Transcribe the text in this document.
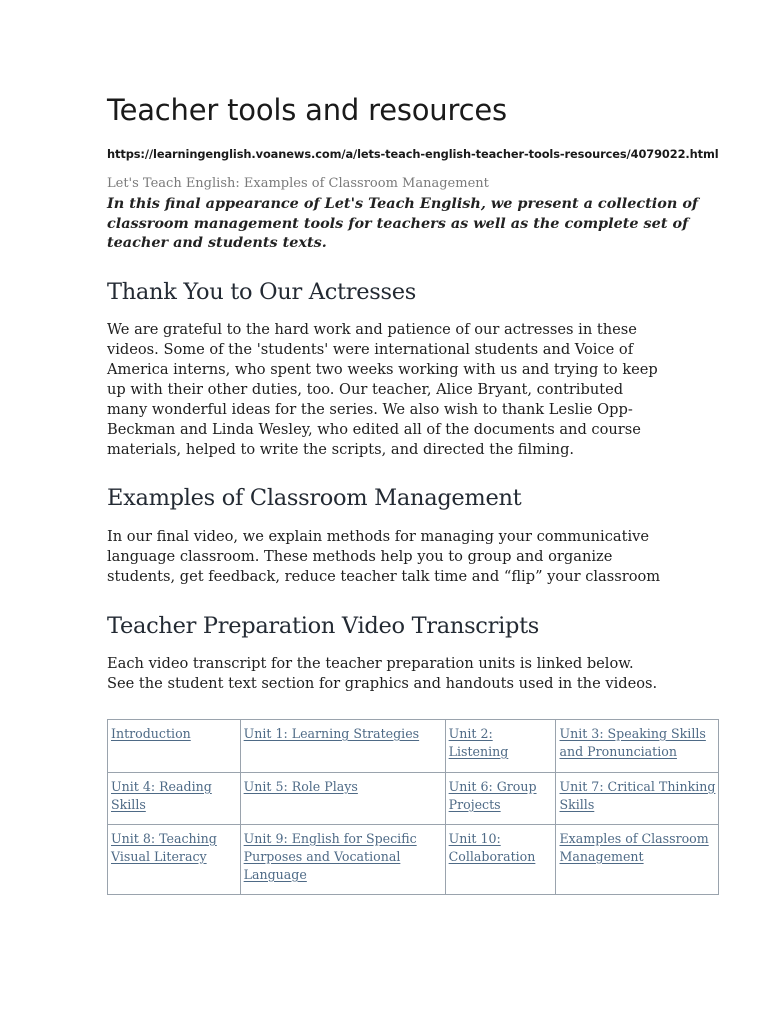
Teacher tools and resources
https://learningenglish.voanews.com/a/lets-teach-english-teacher-tools-resources/4079022.html
Let's Teach English: Examples of Classroom Management
In this final appearance of Let's Teach English, we present a collection of
classroom management tools for teachers as well as the complete set of
teacher and students texts.
Thank You to Our Actresses
We are grateful to the hard work and patience of our actresses in these
videos. Some of the 'students' were international students and Voice of
America interns, who spent two weeks working with us and trying to keep
up with their other duties, too. Our teacher, Alice Bryant, contributed
many wonderful ideas for the series. We also wish to thank Leslie Opp-
Beckman and Linda Wesley, who edited all of the documents and course
materials, helped to write the scripts, and directed the filming.
Examples of Classroom Management
In our final video, we explain methods for managing your communicative
language classroom. These methods help you to group and organize
students, get feedback, reduce teacher talk time and “flip” your classroom
Teacher Preparation Video Transcripts
Each video transcript for the teacher preparation units is linked below.
See the student text section for graphics and handouts used in the videos.
Introduction	Unit 1: Learning Strategies	Unit 2: Listening	Unit 3: Speaking Skills and Pronunciation
Unit 4: Reading Skills	Unit 5: Role Plays	Unit 6: Group Projects	Unit 7: Critical Thinking Skills
Unit 8: Teaching Visual Literacy	Unit 9: English for Specific Purposes and Vocational Language	Unit 10: Collaboration	Examples of Classroom Management
